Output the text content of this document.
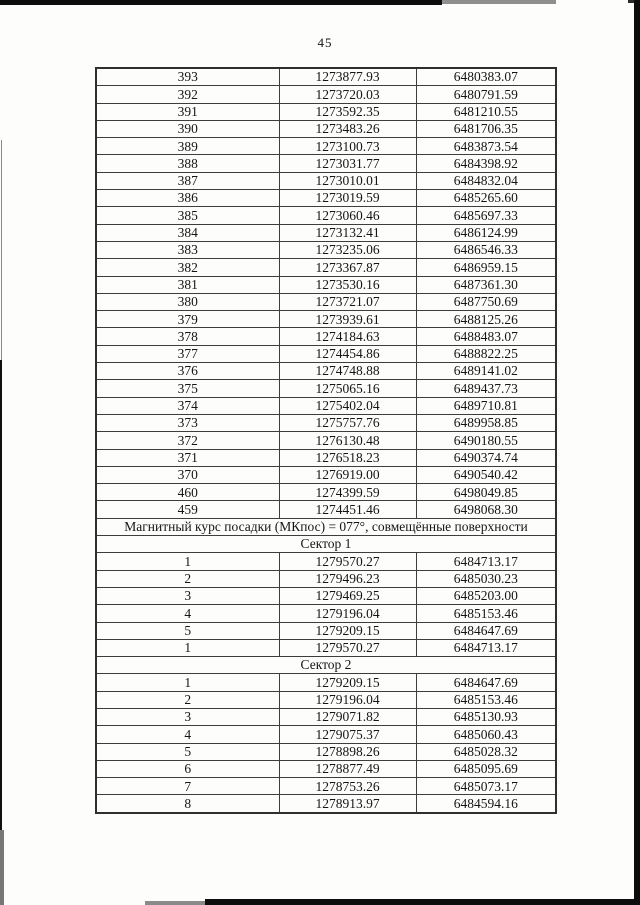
45
393	1273877.93	6480383.07
392	1273720.03	6480791.59
391	1273592.35	6481210.55
390	1273483.26	6481706.35
389	1273100.73	6483873.54
388	1273031.77	6484398.92
387	1273010.01	6484832.04
386	1273019.59	6485265.60
385	1273060.46	6485697.33
384	1273132.41	6486124.99
383	1273235.06	6486546.33
382	1273367.87	6486959.15
381	1273530.16	6487361.30
380	1273721.07	6487750.69
379	1273939.61	6488125.26
378	1274184.63	6488483.07
377	1274454.86	6488822.25
376	1274748.88	6489141.02
375	1275065.16	6489437.73
374	1275402.04	6489710.81
373	1275757.76	6489958.85
372	1276130.48	6490180.55
371	1276518.23	6490374.74
370	1276919.00	6490540.42
460	1274399.59	6498049.85
459	1274451.46	6498068.30
Магнитный курс посадки (МКпос) = 077°, совмещённые поверхности		
Сектор 1		
1	1279570.27	6484713.17
2	1279496.23	6485030.23
3	1279469.25	6485203.00
4	1279196.04	6485153.46
5	1279209.15	6484647.69
1	1279570.27	6484713.17
Сектор 2		
1	1279209.15	6484647.69
2	1279196.04	6485153.46
3	1279071.82	6485130.93
4	1279075.37	6485060.43
5	1278898.26	6485028.32
6	1278877.49	6485095.69
7	1278753.26	6485073.17
8	1278913.97	6484594.16
